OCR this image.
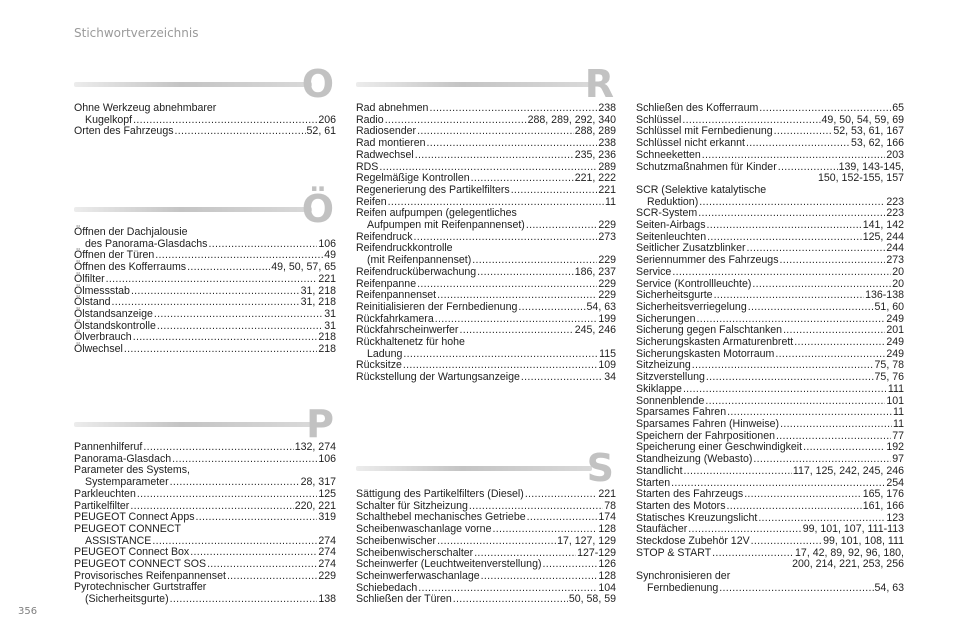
Stichwortverzeichnis
O
Ohne Werkzeug abnehmbarer
Kugelkopf .....	206
Orten des Fahrzeugs .....	52, 61
Ö
Öffnen der Dachjalousie
des Panorama-Glasdachs .....	106
Öffnen der Türen .....	49
Öffnen des Kofferraums .....	49, 50, 57, 65
Ölfilter .....	221
Ölmessstab .....	31, 218
Ölstand .....	31, 218
Ölstandsanzeige .....	31
Ölstandskontrolle .....	31
Ölverbrauch .....	218
Ölwechsel .....	218
P
Pannenhilferuf .....	132, 274
Panorama-Glasdach .....	106
Parameter des Systems,
Systemparameter .....	28, 317
Parkleuchten .....	125
Partikelfilter .....	220, 221
PEUGEOT Connect Apps .....	319
PEUGEOT CONNECT
ASSISTANCE .....	274
PEUGEOT Connect Box .....	274
PEUGEOT CONNECT SOS .....	274
Provisorisches Reifenpannenset .....	229
Pyrotechnischer Gurtstraffer
(Sicherheitsgurte) .....	138
R
Rad abnehmen .....	238
Radio .....	288, 289, 292, 340
Radiosender .....	288, 289
Rad montieren .....	238
Radwechsel .....	235, 236
RDS .....	289
Regelmäßige Kontrollen .....	221, 222
Regenerierung des Partikelfilters .....	221
Reifen .....	11
Reifen aufpumpen (gelegentliches
Aufpumpen mit Reifenpannenset) .....	229
Reifendruck .....	273
Reifendruckkontrolle
(mit Reifenpannenset) .....	229
Reifendrucküberwachung .....	186, 237
Reifenpanne .....	229
Reifenpannenset .....	229
Reinitialisieren der Fernbedienung .....	54, 63
Rückfahrkamera .....	199
Rückfahrscheinwerfer .....	245, 246
Rückhaltenetz für hohe
Ladung .....	115
Rücksitze .....	109
Rückstellung der Wartungsanzeige .....	34
S
Sättigung des Partikelfilters (Diesel) .....	221
Schalter für Sitzheizung .....	78
Schalthebel mechanisches Getriebe .....	174
Scheibenwaschanlage vorne .....	128
Scheibenwischer .....	17, 127, 129
Scheibenwischerschalter .....	127-129
Scheinwerfer (Leuchtweitenverstellung) .....	126
Scheinwerferwaschanlage .....	128
Schiebedach .....	104
Schließen der Türen .....	50, 58, 59
Schließen des Kofferraum .....	65
Schlüssel .....	49, 50, 54, 59, 69
Schlüssel mit Fernbedienung .....	52, 53, 61, 167
Schlüssel nicht erkannt .....	53, 62, 166
Schneeketten .....	203
Schutzmaßnahmen für Kinder .....	139, 143-145,
150, 152-155, 157
SCR (Selektive katalytische
Reduktion) .....	223
SCR-System .....	223
Seiten-Airbags .....	141, 142
Seitenleuchten .....	125, 244
Seitlicher Zusatzblinker .....	244
Seriennummer des Fahrzeugs .....	273
Service .....	20
Service (Kontrollleuchte) .....	20
Sicherheitsgurte .....	136-138
Sicherheitsverriegelung .....	51, 60
Sicherungen .....	249
Sicherung gegen Falschtanken .....	201
Sicherungskasten Armaturenbrett .....	249
Sicherungskasten Motorraum .....	249
Sitzheizung .....	75, 78
Sitzverstellung .....	75, 76
Skiklappe .....	111
Sonnenblende .....	101
Sparsames Fahren .....	11
Sparsames Fahren (Hinweise) .....	11
Speichern der Fahrpositionen .....	77
Speicherung einer Geschwindigkeit .....	192
Standheizung (Webasto) .....	97
Standlicht .....	117, 125, 242, 245, 246
Starten .....	254
Starten des Fahrzeugs .....	165, 176
Starten des Motors .....	161, 166
Statisches Kreuzungslicht .....	123
Staufächer .....	99, 101, 107, 111-113
Steckdose Zubehör 12V .....	99, 101, 108, 111
STOP & START .....	17, 42, 89, 92, 96, 180,
200, 214, 221, 253, 256
Synchronisieren der
Fernbedienung .....	54, 63
356
